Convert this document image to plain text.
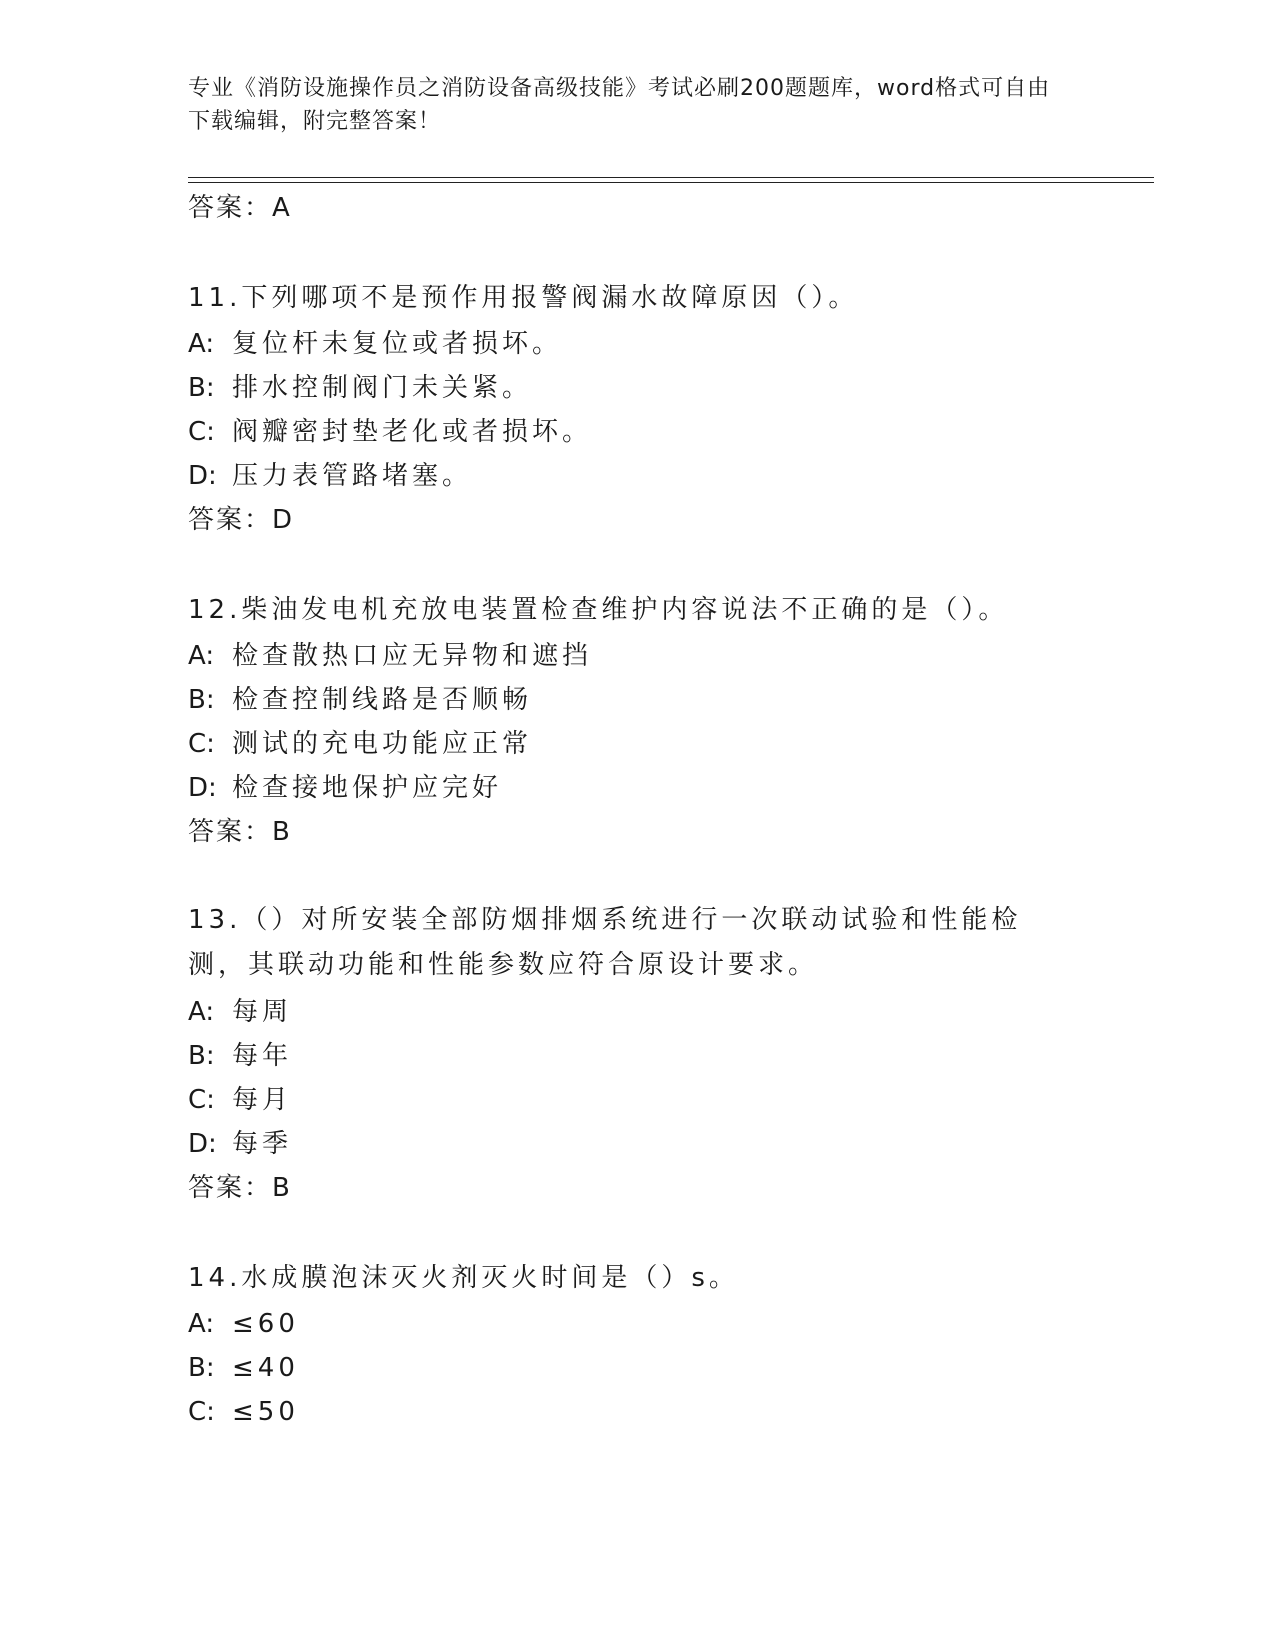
专业《消防设施操作员之消防设备高级技能》考试必刷200题题库，word格式可自由下载编辑，附完整答案！

答案：A

11.下列哪项不是预作用报警阀漏水故障原因（）。

A: 复位杆未复位或者损坏。

B: 排水控制阀门未关紧。

C: 阀瓣密封垫老化或者损坏。

D: 压力表管路堵塞。

答案：D

12.柴油发电机充放电装置检查维护内容说法不正确的是（）。

A: 检查散热口应无异物和遮挡

B: 检查控制线路是否顺畅

C: 测试的充电功能应正常

D: 检查接地保护应完好

答案：B

13.（）对所安装全部防烟排烟系统进行一次联动试验和性能检测，其联动功能和性能参数应符合原设计要求。

A: 每周

B: 每年

C: 每月

D: 每季

答案：B

14.水成膜泡沫灭火剂灭火时间是（）s。

A: ≤60

B: ≤40

C: ≤50
